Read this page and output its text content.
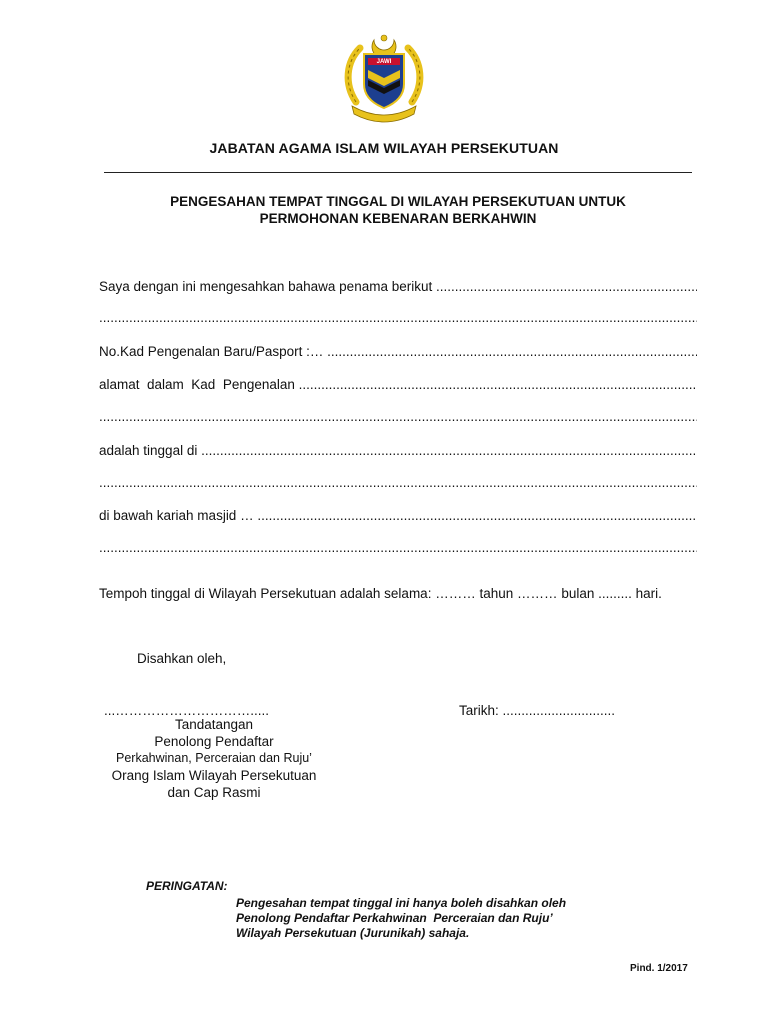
JAWI
JABATAN AGAMA ISLAM WILAYAH PERSEKUTUAN
PENGESAHAN TEMPAT TINGGAL DI WILAYAH PERSEKUTUAN UNTUK
PERMOHONAN KEBENARAN BERKAHWIN
Saya dengan ini mengesahkan bahawa penama berikut .....
.....
No.Kad Pengenalan Baru/Pasport :… .....
alamat  dalam  Kad  Pengenalan .....
.....
adalah tinggal di .....
.....
di bawah kariah masjid … .....
.....
Tempoh tinggal di Wilayah Persekutuan adalah selama: ……… tahun ……… bulan ......... hari.
Disahkan oleh,
...………………………….....	Tarikh: ..............................
Tandatangan
Penolong Pendaftar
Perkahwinan, Perceraian dan Ruju’
Orang Islam Wilayah Persekutuan
dan Cap Rasmi
PERINGATAN:
Pengesahan tempat tinggal ini hanya boleh disahkan oleh
Penolong Pendaftar Perkahwinan  Perceraian dan Ruju’
Wilayah Persekutuan (Jurunikah) sahaja.
Pind. 1/2017
